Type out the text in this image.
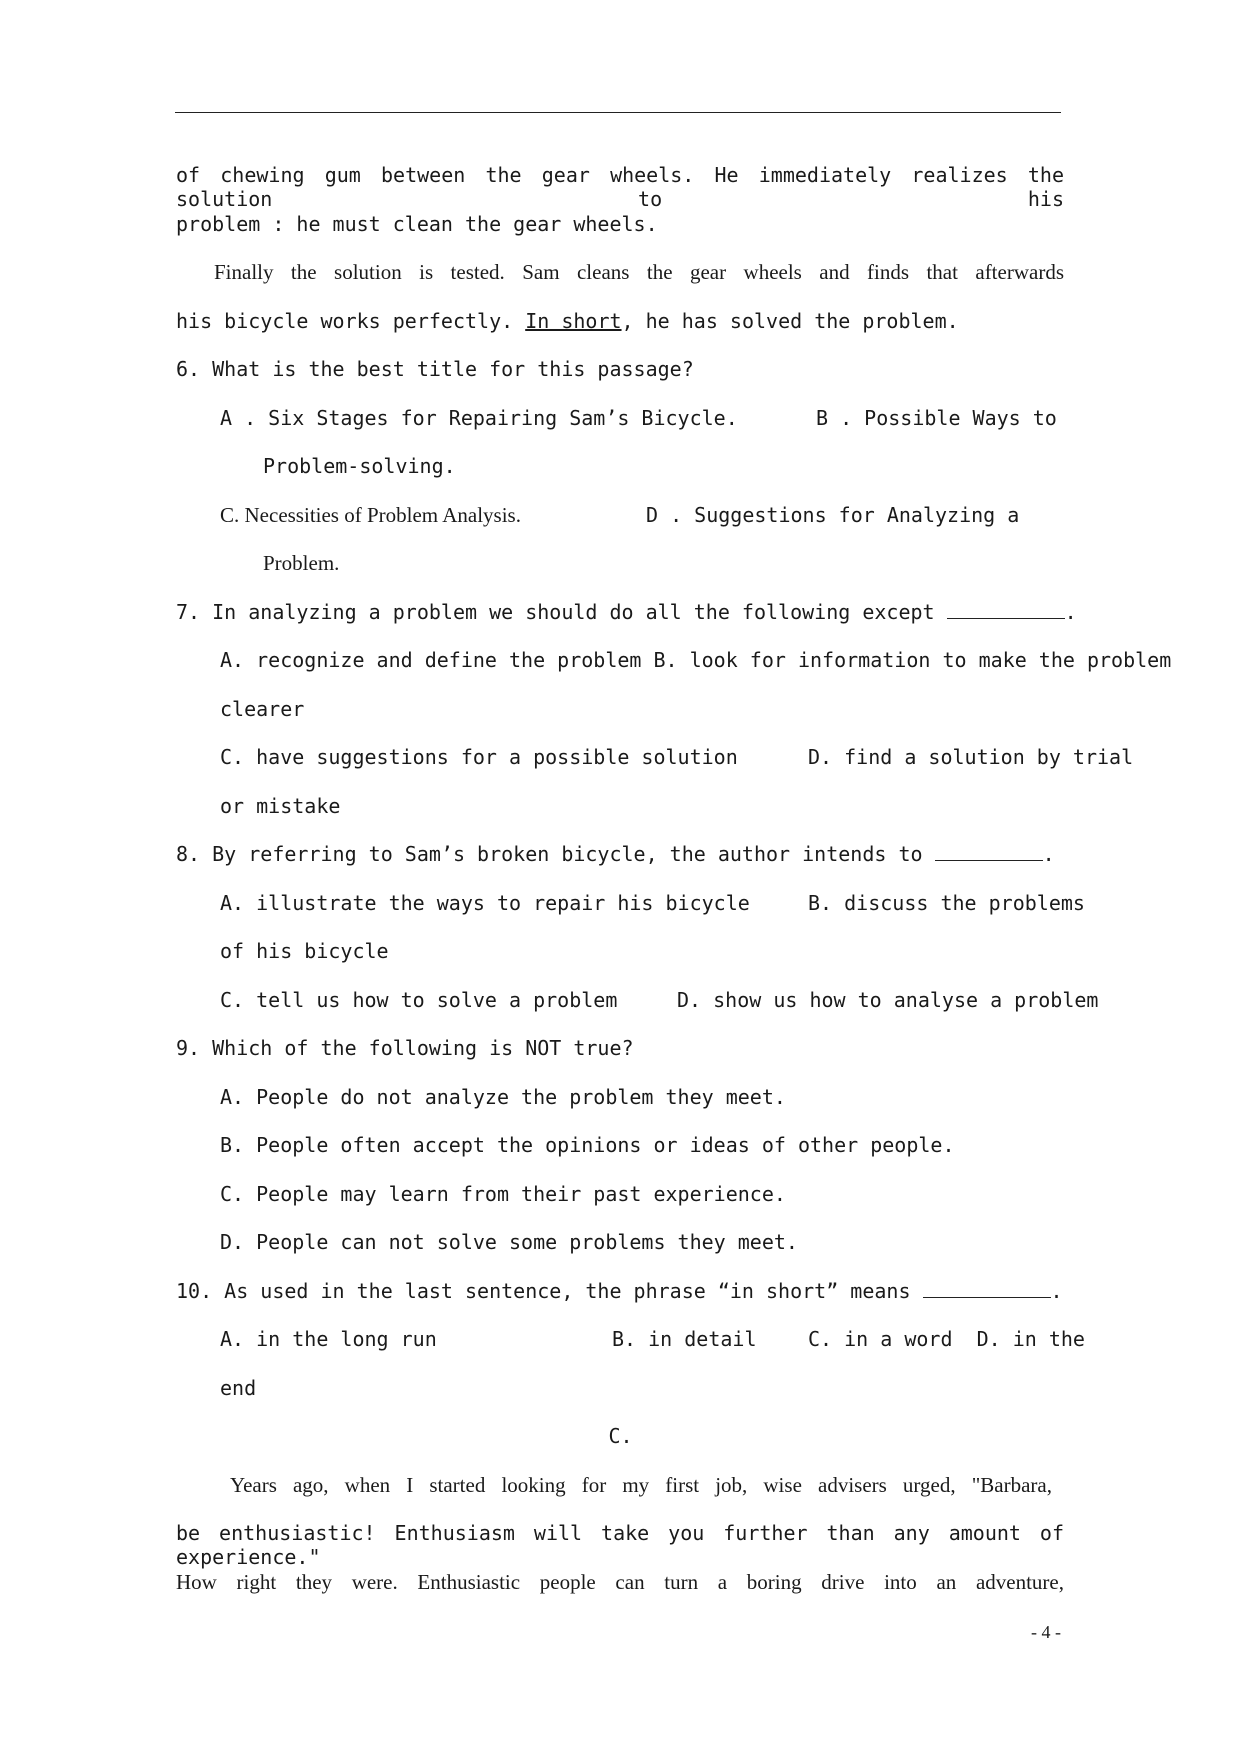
of chewing gum between the gear wheels. He immediately realizes the solution to his
problem : he must clean the gear wheels.
Finally the solution is tested. Sam cleans the gear wheels and finds that afterwards
his bicycle works perfectly. In short, he has solved the problem.
6. What is the best title for this passage?
A . Six Stages for Repairing Sam’s Bicycle.	B . Possible Ways to
Problem-solving.
C. Necessities of Problem Analysis.	D . Suggestions for Analyzing a
Problem.
7. In analyzing a problem we should do all the following except	.
A. recognize and define the problem B. look for information to make the problem
clearer
C. have suggestions for a possible solution	D. find a solution by trial
or mistake
8. By referring to Sam’s broken bicycle, the author intends to	.
A. illustrate the ways to repair his bicycle	B. discuss the problems
of his bicycle
C. tell us how to solve a problem	D. show us how to analyse a problem
9. Which of the following is NOT true?
A. People do not analyze the problem they meet.
B. People often accept the opinions or ideas of other people.
C. People may learn from their past experience.
D. People can not solve some problems they meet.
10. As used in the last sentence, the phrase “in short” means	.
A. in the long run	B. in detail	C. in a word  D. in the
end
C.
Years ago, when I started looking for my first job, wise advisers urged, "Barbara,
be enthusiastic! Enthusiasm will take you further than any amount of experience."
How right they were. Enthusiastic people can turn a boring drive into an adventure,
- 4 -
